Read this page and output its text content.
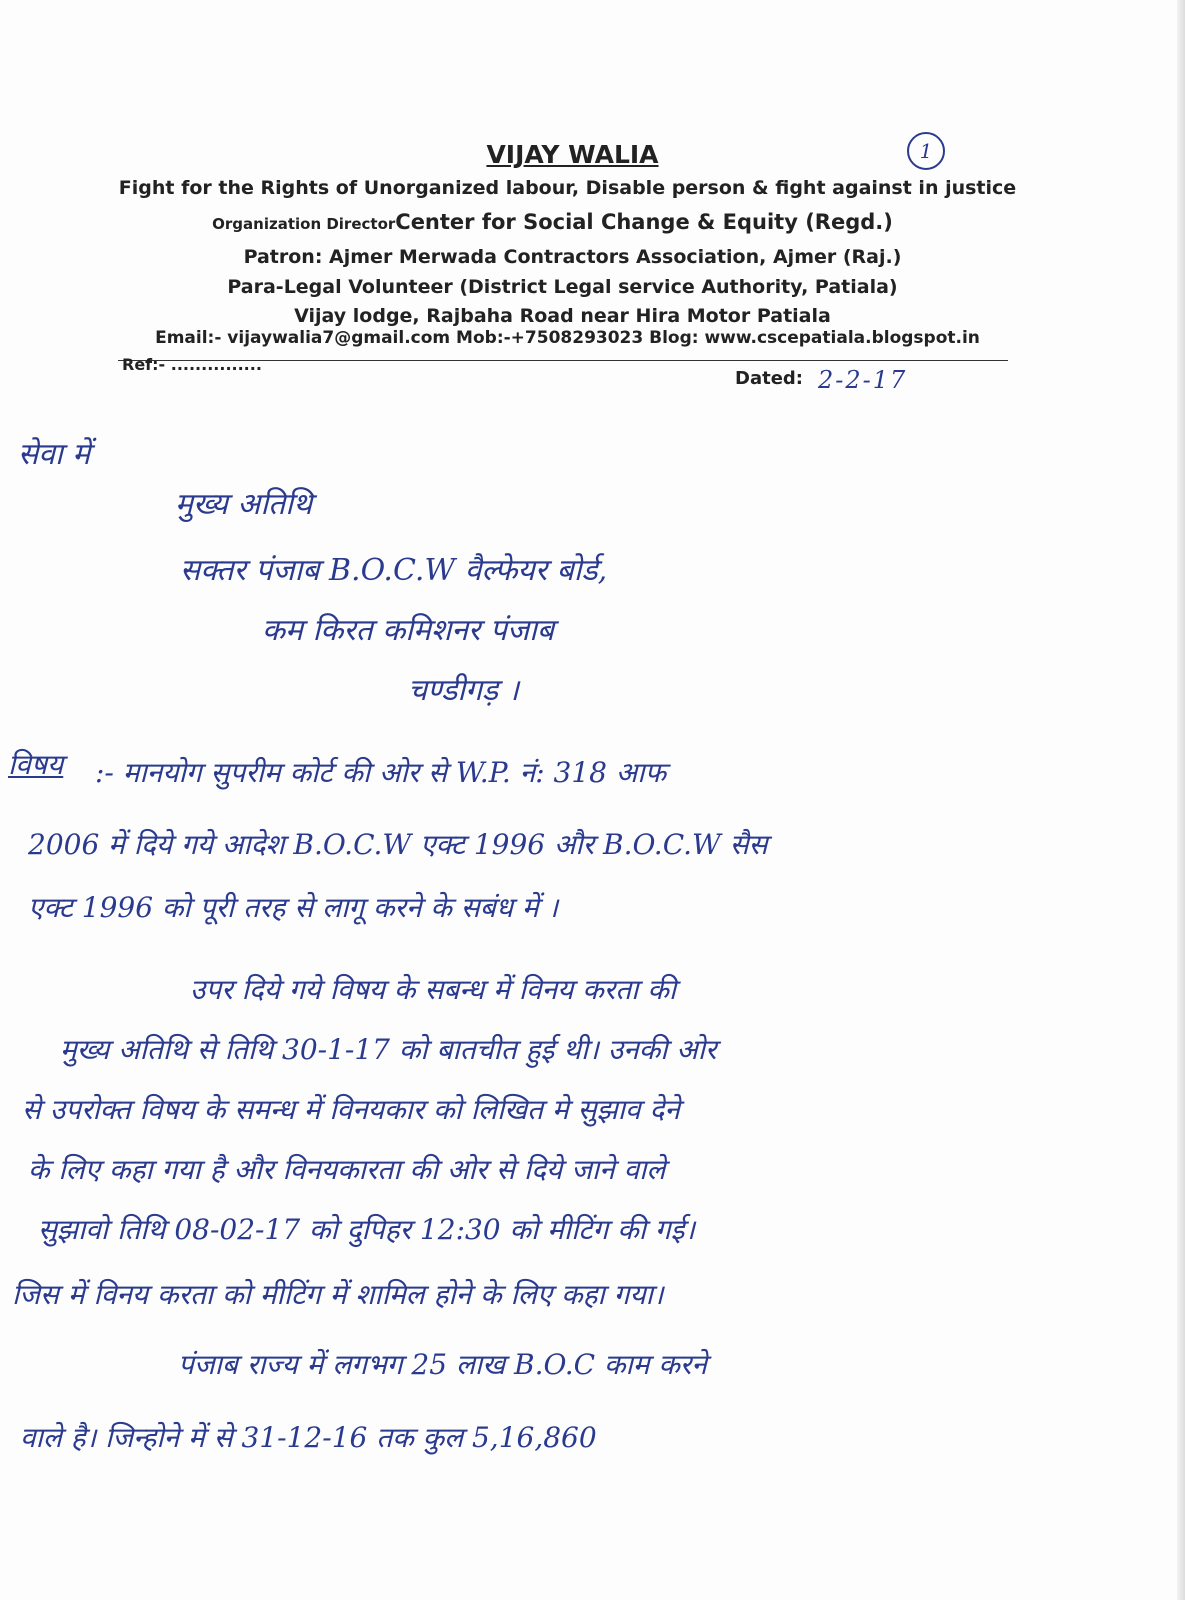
VIJAY WALIA
Fight for the Rights of Unorganized labour, Disable person & fight against in justice
Organization DirectorCenter for Social Change & Equity (Regd.)
Patron: Ajmer Merwada Contractors Association, Ajmer (Raj.)
Para-Legal Volunteer (District Legal service Authority, Patiala)
Vijay lodge, Rajbaha Road near Hira Motor Patiala
Email:- vijaywalia7@gmail.com Mob:-+7508293023 Blog: www.cscepatiala.blogspot.in
1
Ref:- ...............
Dated: 2-2-17
सेवा में
मुख्य अतिथि
सक्तर पंजाब B.O.C.W वैल्फेयर बोर्ड,
कम किरत कमिशनर पंजाब
चण्डीगड़ ।
विषय :- मानयोग सुपरीम कोर्ट की ओर से W.P. नं: 318 आफ
2006 में दिये गये आदेश B.O.C.W एक्ट 1996 और B.O.C.W सैस
एक्ट 1996 को पूरी तरह से लागू करने के सबंध में ।
उपर दिये गये विषय के सबन्ध में विनय करता की
मुख्य अतिथि से तिथि 30-1-17 को बातचीत हुई थी। उनकी ओर
से उपरोक्त विषय के समन्ध में विनयकार को लिखित मे सुझाव देने
के लिए कहा गया है और विनयकारता की ओर से दिये जाने वाले
सुझावो तिथि 08-02-17 को दुपिहर 12:30 को मीटिंग की गई।
जिस में विनय करता को मीटिंग में शामिल होने के लिए कहा गया।
पंजाब राज्य में लगभग 25 लाख B.O.C काम करने
वाले है। जिन्होने में से 31-12-16 तक कुल 5,16,860
